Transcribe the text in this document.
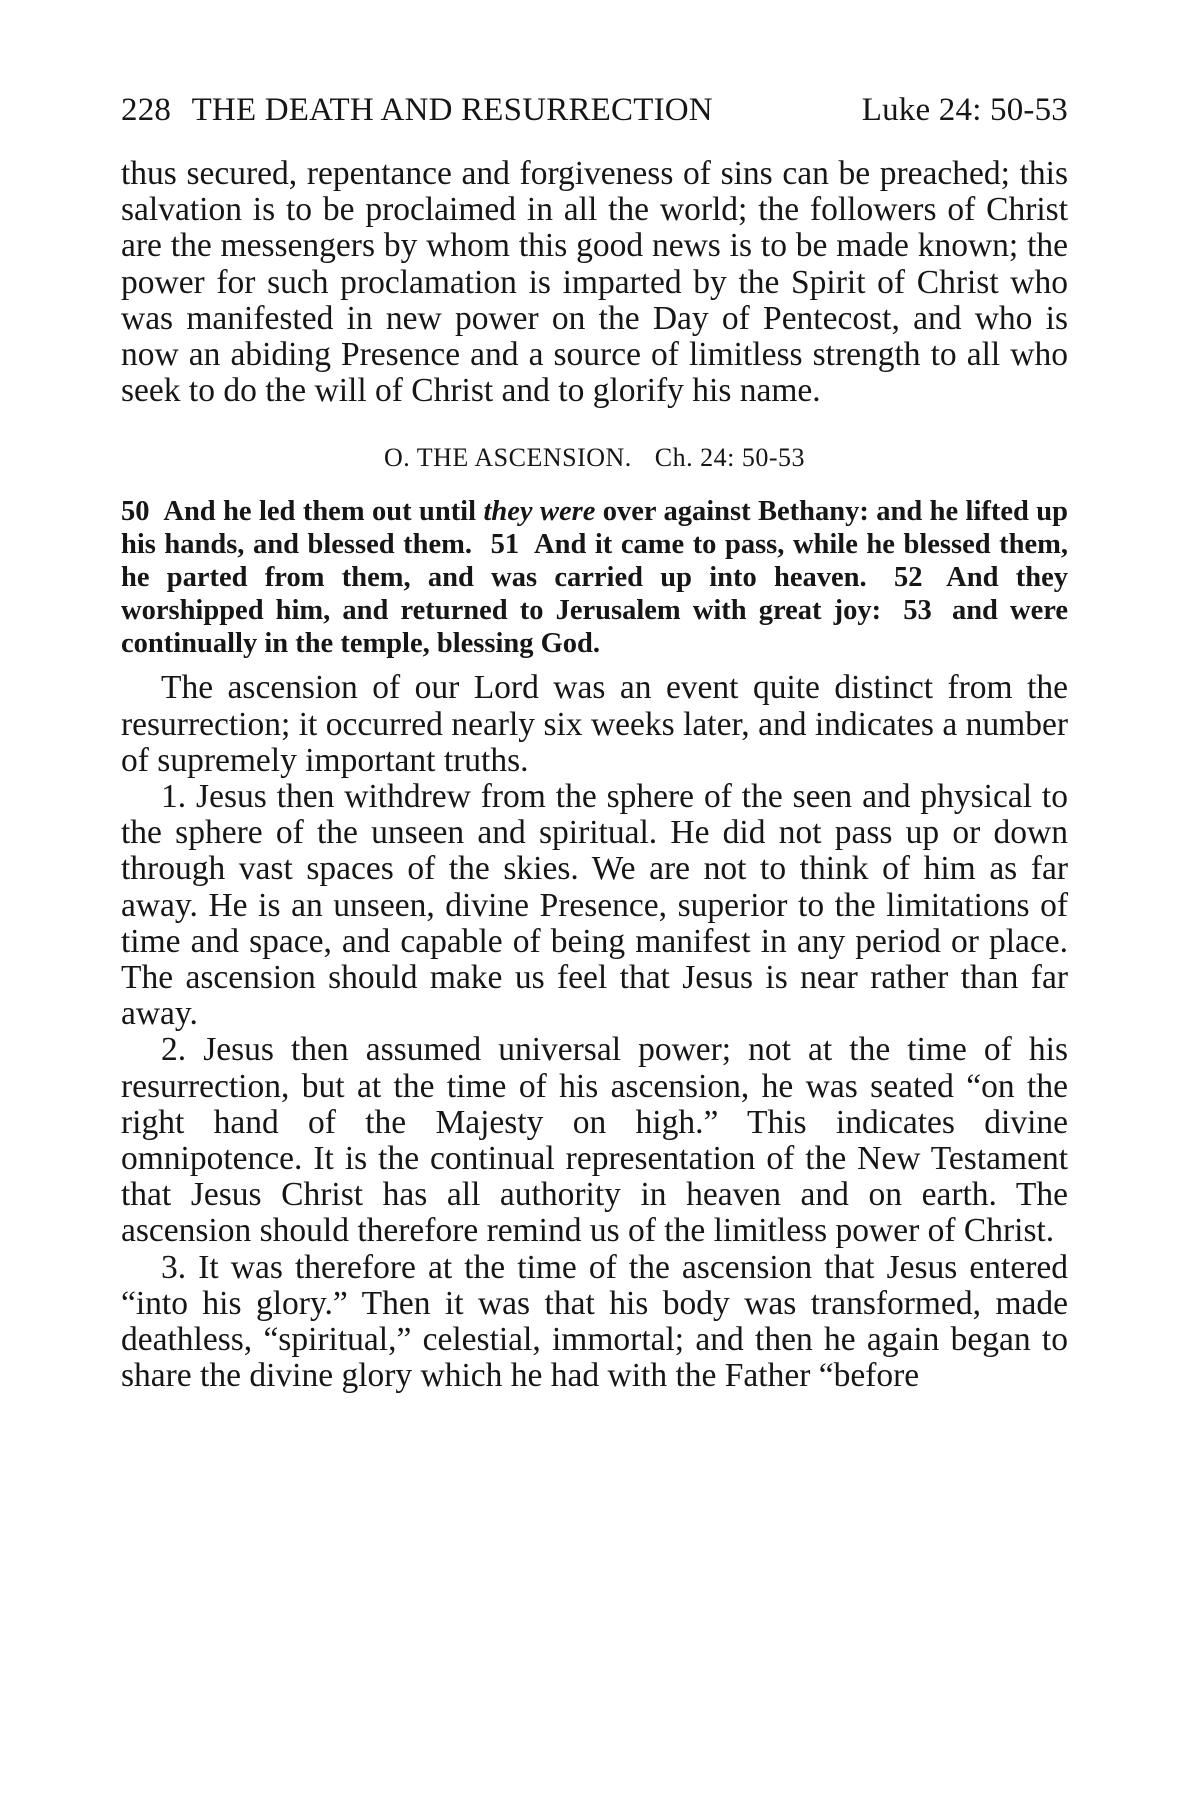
228 THE DEATH AND RESURRECTION	Luke 24: 50-53

thus secured, repentance and forgiveness of sins can be preached; this salvation is to be proclaimed in all the world; the followers of Christ are the messengers by whom this good news is to be made known; the power for such proclamation is imparted by the Spirit of Christ who was manifested in new power on the Day of Pentecost, and who is now an abiding Presence and a source of limitless strength to all who seek to do the will of Christ and to glorify his name.

O. THE ASCENSION. Ch. 24: 50-53

50 And he led them out until they were over against Bethany: and he lifted up his hands, and blessed them. 51 And it came to pass, while he blessed them, he parted from them, and was carried up into heaven. 52 And they worshipped him, and returned to Jerusalem with great joy: 53 and were continually in the temple, blessing God.

The ascension of our Lord was an event quite distinct from the resurrection; it occurred nearly six weeks later, and indicates a number of supremely important truths.

1. Jesus then withdrew from the sphere of the seen and physical to the sphere of the unseen and spiritual. He did not pass up or down through vast spaces of the skies. We are not to think of him as far away. He is an unseen, divine Presence, superior to the limitations of time and space, and capable of being manifest in any period or place. The ascension should make us feel that Jesus is near rather than far away.

2. Jesus then assumed universal power; not at the time of his resurrection, but at the time of his ascension, he was seated “on the right hand of the Majesty on high.” This indicates divine omnipotence. It is the continual representation of the New Testament that Jesus Christ has all authority in heaven and on earth. The ascension should therefore remind us of the limitless power of Christ.

3. It was therefore at the time of the ascension that Jesus entered “into his glory.” Then it was that his body was transformed, made deathless, “spiritual,” celestial, immortal; and then he again began to share the divine glory which he had with the Father “before
